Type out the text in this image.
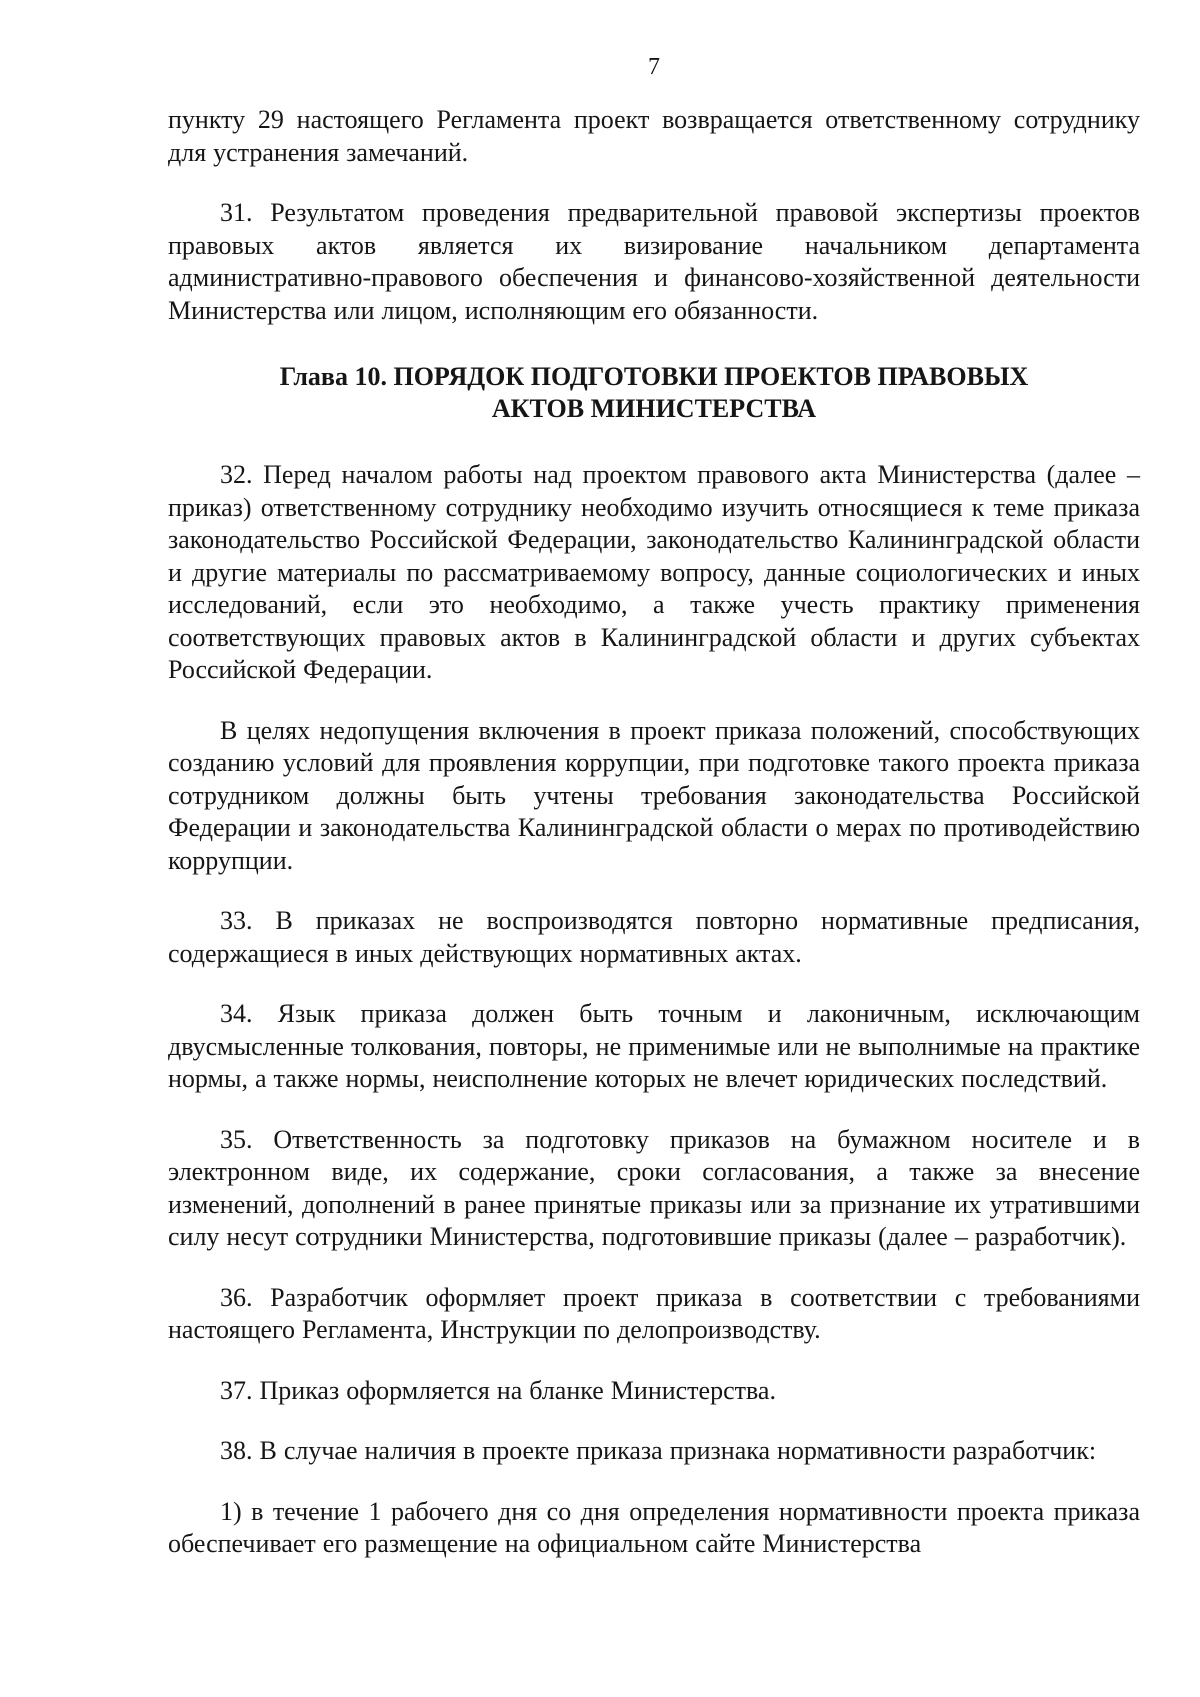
7

пункту 29 настоящего Регламента проект возвращается ответственному сотруднику для устранения замечаний.

31. Результатом проведения предварительной правовой экспертизы проектов правовых актов является их визирование начальником департамента административно-правового обеспечения и финансово-хозяйственной деятельности Министерства или лицом, исполняющим его обязанности.

Глава 10. ПОРЯДОК ПОДГОТОВКИ ПРОЕКТОВ ПРАВОВЫХ
АКТОВ МИНИСТЕРСТВА

32. Перед началом работы над проектом правового акта Министерства (далее – приказ) ответственному сотруднику необходимо изучить относящиеся к теме приказа законодательство Российской Федерации, законодательство Калининградской области и другие материалы по рассматриваемому вопросу, данные социологических и иных исследований, если это необходимо, а также учесть практику применения соответствующих правовых актов в Калининградской области и других субъектах Российской Федерации.

В целях недопущения включения в проект приказа положений, способствующих созданию условий для проявления коррупции, при подготовке такого проекта приказа сотрудником должны быть учтены требования законодательства Российской Федерации и законодательства Калининградской области о мерах по противодействию коррупции.

33. В приказах не воспроизводятся повторно нормативные предписания, содержащиеся в иных действующих нормативных актах.

34. Язык приказа должен быть точным и лаконичным, исключающим двусмысленные толкования, повторы, не применимые или не выполнимые на практике нормы, а также нормы, неисполнение которых не влечет юридических последствий.

35. Ответственность за подготовку приказов на бумажном носителе и в электронном виде, их содержание, сроки согласования, а также за внесение изменений, дополнений в ранее принятые приказы или за признание их утратившими силу несут сотрудники Министерства, подготовившие приказы (далее – разработчик).

36. Разработчик оформляет проект приказа в соответствии с требованиями настоящего Регламента, Инструкции по делопроизводству.

37. Приказ оформляется на бланке Министерства.

38. В случае наличия в проекте приказа признака нормативности разработчик:

1) в течение 1 рабочего дня со дня определения нормативности проекта приказа обеспечивает его размещение на официальном сайте Министерства
